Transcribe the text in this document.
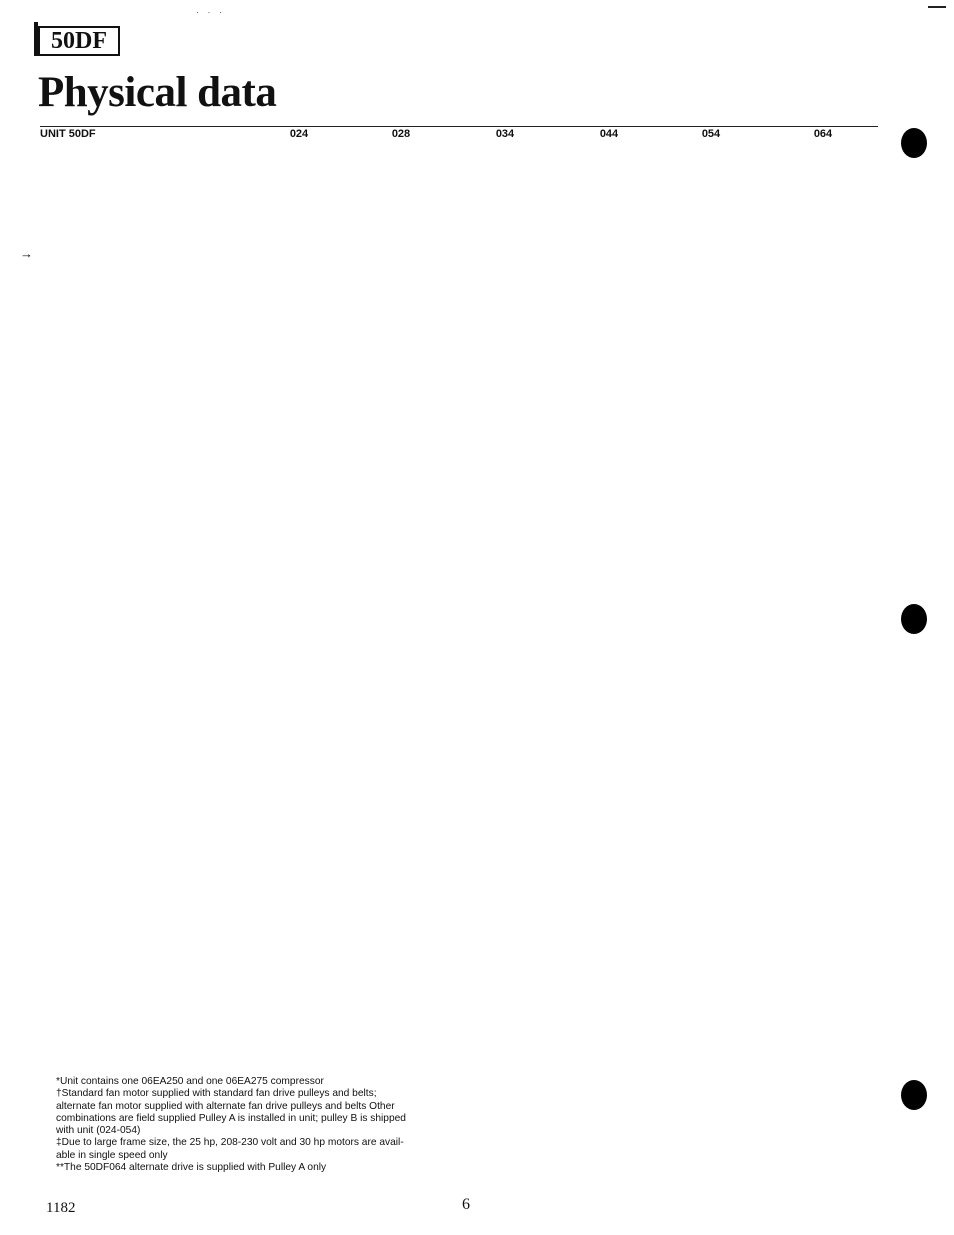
· · ·
50DF
Physical data
→
UNIT 50DF	024	028	034	044	054	064
*Unit contains one 06EA250 and one 06EA275 compressor
†Standard fan motor supplied with standard fan drive pulleys and belts;
alternate fan motor supplied with alternate fan drive pulleys and belts Other
combinations are field supplied Pulley A is installed in unit; pulley B is shipped
with unit (024-054)
‡Due to large frame size, the 25 hp, 208-230 volt and 30 hp motors are avail-
able in single speed only
**The 50DF064 alternate drive is supplied with Pulley A only
1182	6
